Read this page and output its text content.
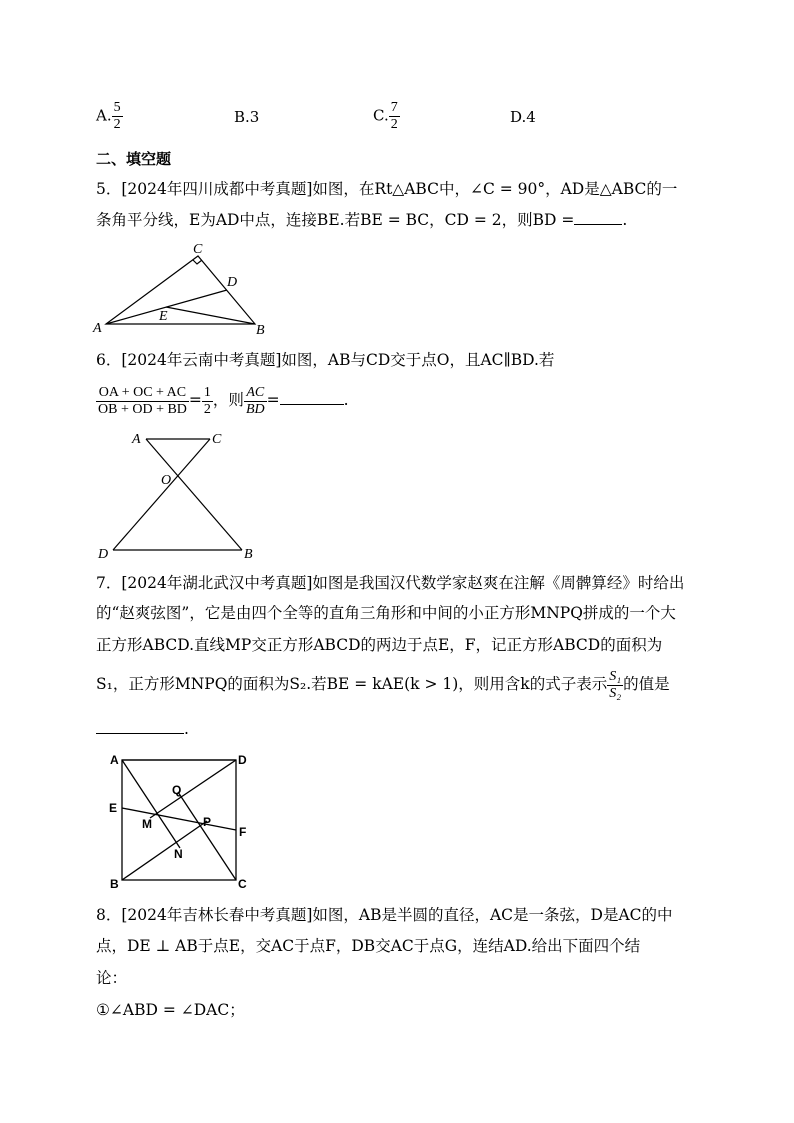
A. $\frac{5}{2}$	B.3	C. $\frac{7}{2}$	D.4
二、填空题
5．[2024年四川成都中考真题]如图，在Rt△ABC中，∠C = 90°，AD是△ABC的一
条角平分线，E为AD中点，连接BE.若BE = BC，CD = 2，则BD =	.
C
D
A
E
B
6．[2024年云南中考真题]如图，AB与CD交于点O，且AC∥BD.若
$\frac{OA + OC + AC}{OB + OD + BD} = \frac{1}{2}$ ，则 $\frac{AC}{BD}$ =	.
A	C
O
D	B
7．[2024年湖北武汉中考真题]如图是我国汉代数学家赵爽在注解《周髀算经》时给出
的“赵爽弦图”，它是由四个全等的直角三角形和中间的小正方形MNPQ拼成的一个大
正方形ABCD.直线MP交正方形ABCD的两边于点E，F，记正方形ABCD的面积为
S₁，正方形MNPQ的面积为S₂.若BE = kAE(k > 1)，则用含k的式子表示 $\frac{\text{S₁}}{\text{S₂}}$ 的值是
.
A	D
Q
E
M	P
F
N
B	C
8．[2024年吉林长春中考真题]如图，AB是半圆的直径，AC是一条弦，D是AC的中
点，DE ⊥ AB于点E，交AC于点F，DB交AC于点G，连结AD.给出下面四个结
论：
①∠ABD = ∠DAC；
